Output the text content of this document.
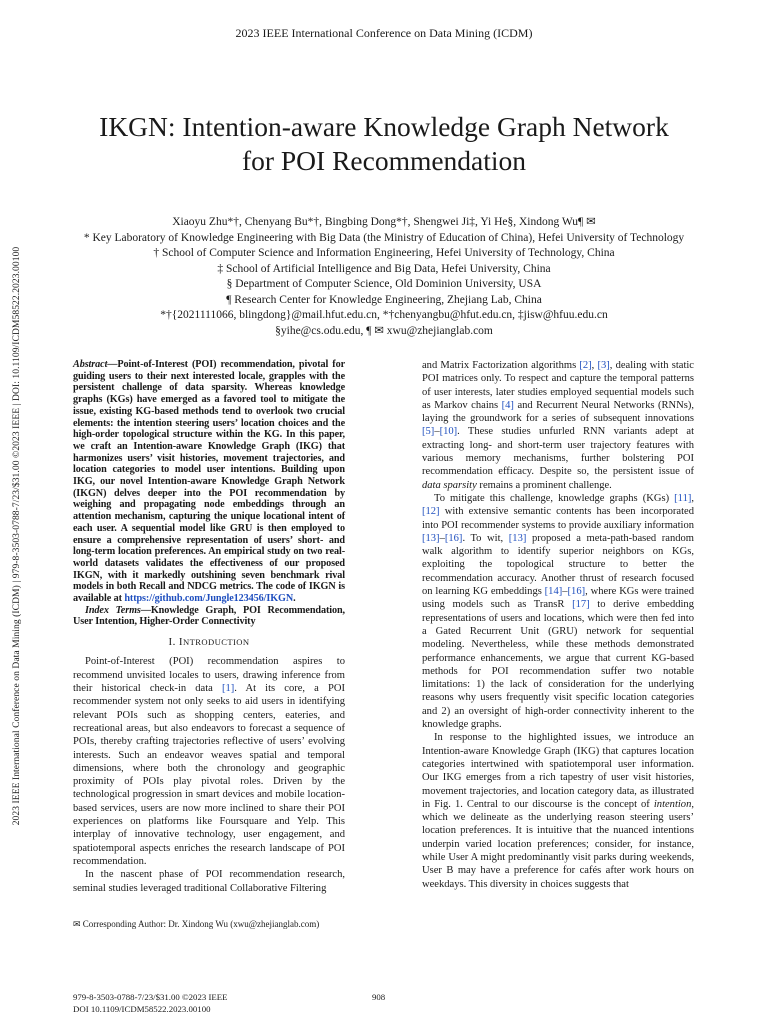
2023 IEEE International Conference on Data Mining (ICDM)
IKGN: Intention-aware Knowledge Graph Network
for POI Recommendation
Xiaoyu Zhu*†, Chenyang Bu*†, Bingbing Dong*†, Shengwei Ji‡, Yi He§, Xindong Wu¶ ✉
* Key Laboratory of Knowledge Engineering with Big Data (the Ministry of Education of China), Hefei University of Technology
† School of Computer Science and Information Engineering, Hefei University of Technology, China
‡ School of Artificial Intelligence and Big Data, Hefei University, China
§ Department of Computer Science, Old Dominion University, USA
¶ Research Center for Knowledge Engineering, Zhejiang Lab, China
*†{2021111066, blingdong}@mail.hfut.edu.cn, *†chenyangbu@hfut.edu.cn, ‡jisw@hfuu.edu.cn
§yihe@cs.odu.edu, ¶ ✉ xwu@zhejianglab.com
2023 IEEE International Conference on Data Mining (ICDM) | 979-8-3503-0788-7/23/$31.00 ©2023 IEEE | DOI: 10.1109/ICDM58522.2023.00100	Abstract—Point-of-Interest (POI) recommendation, pivotal for guiding users to their next interested locale, grapples with the persistent challenge of data sparsity. Whereas knowledge graphs (KGs) have emerged as a favored tool to mitigate the issue, existing KG-based methods tend to overlook two crucial elements: the intention steering users’ location choices and the high-order topological structure within the KG. In this paper, we craft an Intention-aware Knowledge Graph (IKG) that harmonizes users’ visit histories, movement trajectories, and location categories to model user intentions. Building upon IKG, our novel Intention-aware Knowledge Graph Network (IKGN) delves deeper into the POI recommendation by weighing and propagating node embeddings through an attention mechanism, capturing the unique locational intent of each user. A sequential model like GRU is then employed to ensure a comprehensive representation of users’ short- and long-term location preferences. An empirical study on two real-world datasets validates the effectiveness of our proposed IKGN, with it markedly outshining seven benchmark rival models in both Recall and NDCG metrics. The code of IKGN is available at https://github.com/Jungle123456/IKGN.

Index Terms—Knowledge Graph, POI Recommendation, User Intention, Higher-Order Connectivity

I. INTRODUCTION

Point-of-Interest (POI) recommendation aspires to recommend unvisited locales to users, drawing inference from their historical check-in data [1]. At its core, a POI recommender system not only seeks to aid users in identifying relevant POIs such as shopping centers, eateries, and recreational areas, but also endeavors to forecast a sequence of POIs, thereby crafting trajectories reflective of users’ evolving interests. Such an endeavor weaves spatial and temporal dimensions, where both the chronology and geographic proximity of POIs play pivotal roles. Driven by the technological progression in smart devices and mobile location-based services, users are now more inclined to share their POI experiences on platforms like Foursquare and Yelp. This interplay of innovative technology, user engagement, and spatiotemporal aspects enriches the research landscape of POI recommendation.

In the nascent phase of POI recommendation research, seminal studies leveraged traditional Collaborative Filtering

and Matrix Factorization algorithms [2], [3], dealing with static POI matrices only. To respect and capture the temporal patterns of user interests, later studies employed sequential models such as Markov chains [4] and Recurrent Neural Networks (RNNs), laying the groundwork for a series of subsequent innovations [5]–[10]. These studies unfurled RNN variants adept at extracting long- and short-term user trajectory features with various memory mechanisms, further bolstering POI recommendation efficacy. Despite so, the persistent issue of data sparsity remains a prominent challenge.

To mitigate this challenge, knowledge graphs (KGs) [11], [12] with extensive semantic contents has been incorporated into POI recommender systems to provide auxiliary information [13]–[16]. To wit, [13] proposed a meta-path-based random walk algorithm to identify superior neighbors on KGs, exploiting the topological structure to better the recommendation accuracy. Another thrust of research focused on learning KG embeddings [14]–[16], where KGs were trained using models such as TransR [17] to derive embedding representations of users and locations, which were then fed into a Gated Recurrent Unit (GRU) network for sequential modeling. Nevertheless, while these methods demonstrated performance enhancements, we argue that current KG-based methods for POI recommendation suffer two notable limitations: 1) the lack of consideration for the underlying reasons why users frequently visit specific location categories and 2) an oversight of high-order connectivity inherent to the knowledge graphs.

In response to the highlighted issues, we introduce an Intention-aware Knowledge Graph (IKG) that captures location categories intertwined with spatiotemporal user information. Our IKG emerges from a rich tapestry of user visit histories, movement trajectories, and location category data, as illustrated in Fig. 1. Central to our discourse is the concept of intention, which we delineate as the underlying reason steering users’ location preferences. It is intuitive that the nuanced intentions underpin varied location preferences; consider, for instance, while User A might predominantly visit parks during weekends, User B may have a preference for cafés after work hours on weekdays. This diversity in choices suggests that

✉ Corresponding Author: Dr. Xindong Wu (xwu@zhejianglab.com)
979-8-3503-0788-7/23/$31.00 ©2023 IEEE
DOI 10.1109/ICDM58522.2023.00100
908
